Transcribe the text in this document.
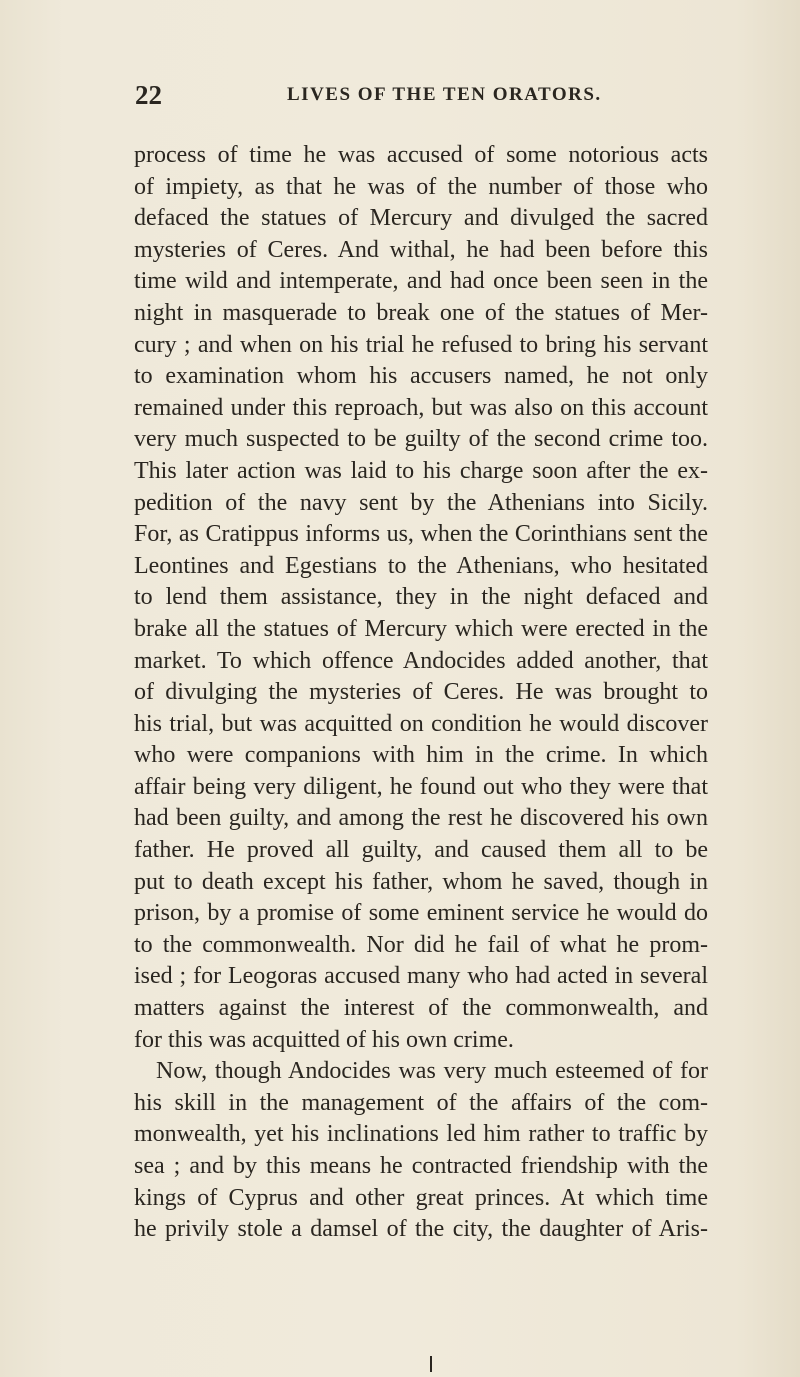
22	LIVES OF THE TEN ORATORS.
process of time he was accused of some notorious acts
of impiety, as that he was of the number of those who
defaced the statues of Mercury and divulged the sacred
mysteries of Ceres. And withal, he had been before this
time wild and intemperate, and had once been seen in the
night in masquerade to break one of the statues of Mer-
cury ; and when on his trial he refused to bring his servant
to examination whom his accusers named, he not only
remained under this reproach, but was also on this account
very much suspected to be guilty of the second crime too.
This later action was laid to his charge soon after the ex-
pedition of the navy sent by the Athenians into Sicily.
For, as Cratippus informs us, when the Corinthians sent the
Leontines and Egestians to the Athenians, who hesitated
to lend them assistance, they in the night defaced and
brake all the statues of Mercury which were erected in the
market. To which offence Andocides added another, that
of divulging the mysteries of Ceres. He was brought to
his trial, but was acquitted on condition he would discover
who were companions with him in the crime. In which
affair being very diligent, he found out who they were that
had been guilty, and among the rest he discovered his own
father. He proved all guilty, and caused them all to be
put to death except his father, whom he saved, though in
prison, by a promise of some eminent service he would do
to the commonwealth. Nor did he fail of what he prom-
ised ; for Leogoras accused many who had acted in several
matters against the interest of the commonwealth, and
for this was acquitted of his own crime.
Now, though Andocides was very much esteemed of for
his skill in the management of the affairs of the com-
monwealth, yet his inclinations led him rather to traffic by
sea ; and by this means he contracted friendship with the
kings of Cyprus and other great princes. At which time
he privily stole a damsel of the city, the daughter of Aris-
